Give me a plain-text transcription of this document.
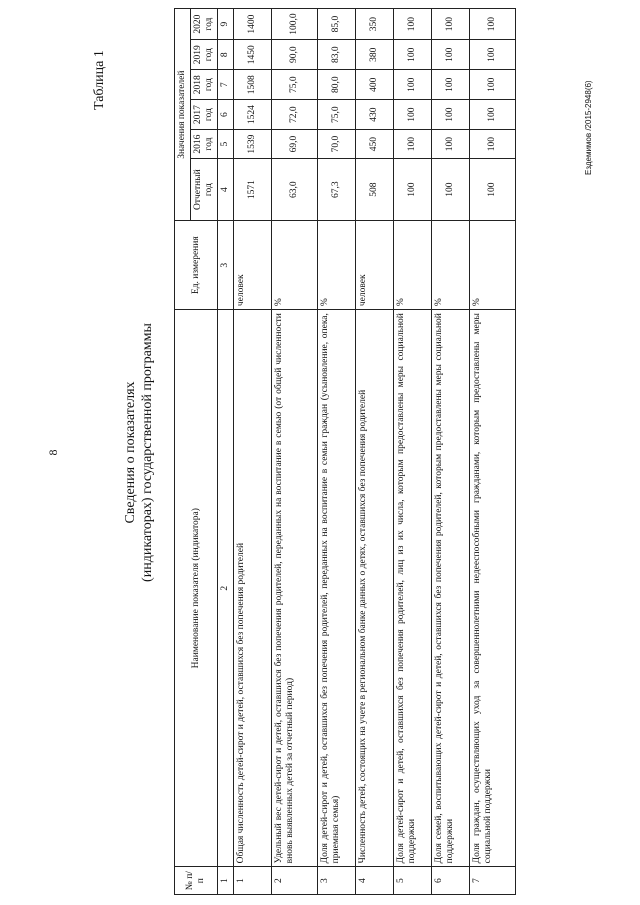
8
Таблица 1
Сведения о показателях (индикаторах) государственной программы
№ п/п	Наименование показателя (индикатора)	Ед. измерения	Значения показателей					
			Отчетный год	2016 год	2017 год	2018 год	2019 год	2020 год
1	2	3	4	5	6	7	8	9
1	Общая численность детей-сирот и детей, оставшихся без попечения родителей	человек	1571	1539	1524	1508	1450	1400
2	Удельный вес детей-сирот и детей, оставшихся без попечения родителей, переданных на воспитание в семью (от общей численности вновь выявленных детей за отчетный период)	%	63,0	69,0	72,0	75,0	90,0	100,0
3	Доля детей-сирот и детей, оставшихся без попечения родителей, переданных на воспитание в семьи граждан (усыновление, опека, приемная семья)	%	67,3	70,0	75,0	80,0	83,0	85,0
4	Численность детей, состоящих на учете в региональном банке данных о детях, оставшихся без попечения родителей	человек	508	450	430	400	380	350
5	Доля детей-сирот и детей, оставшихся без попечения родителей, лиц из их числа, которым предоставлены меры социальной поддержки	%	100	100	100	100	100	100
6	Доля семей, воспитывающих детей-сирот и детей, оставшихся без попечения родителей, которым предоставлены меры социальной поддержки	%	100	100	100	100	100	100
7	Доля граждан, осуществляющих уход за совершеннолетними недееспособными гражданами, которым предоставлены меры социальной поддержки	%	100	100	100	100	100	100
Ездемимов /2015-2948(6)
